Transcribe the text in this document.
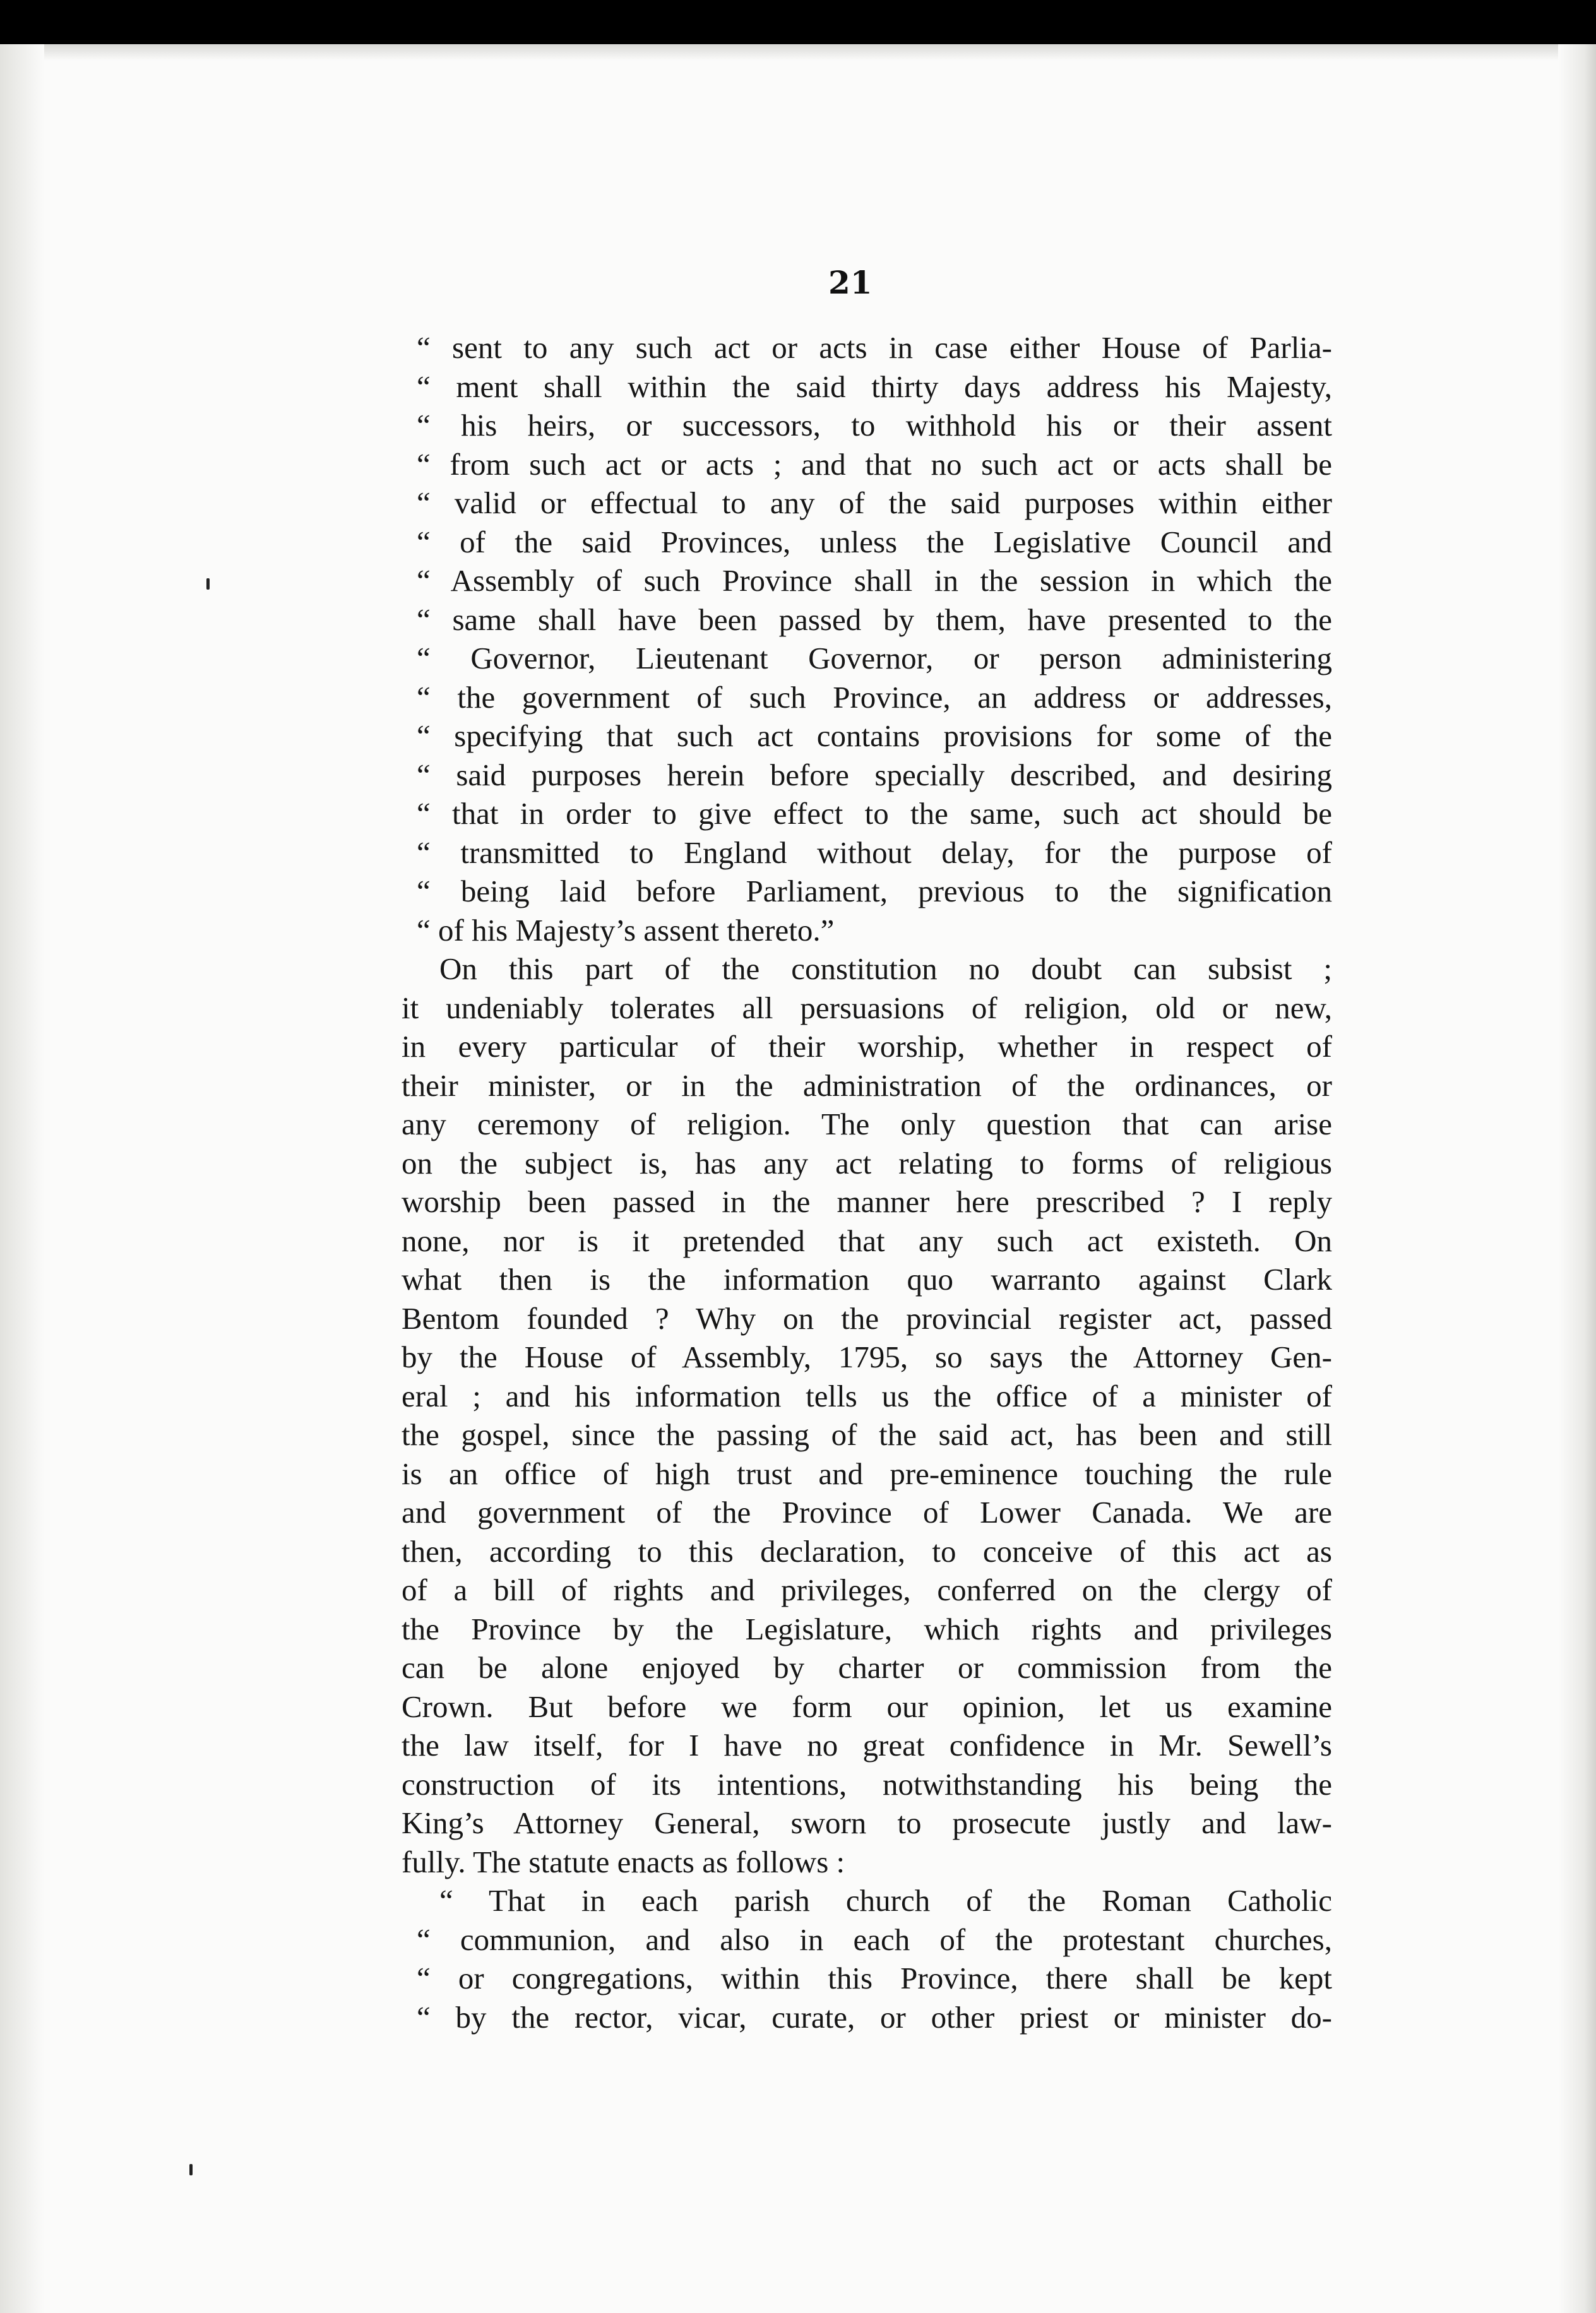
21
“ sent to any such act or acts in case either House of Parlia-
“ ment shall within the said thirty days address his Majesty,
“ his heirs, or successors, to withhold his or their assent
“ from such act or acts ; and that no such act or acts shall be
“ valid or effectual to any of the said purposes within either
“ of the said Provinces, unless the Legislative Council and
“ Assembly of such Province shall in the session in which the
“ same shall have been passed by them, have presented to the
“ Governor, Lieutenant Governor, or person administering
“ the government of such Province, an address or addresses,
“ specifying that such act contains provisions for some of the
“ said purposes herein before specially described, and desiring
“ that in order to give effect to the same, such act should be
“ transmitted to England without delay, for the purpose of
“ being laid before Parliament, previous to the signification
“ of his Majesty’s assent thereto.”
On this part of the constitution no doubt can subsist ;
it undeniably tolerates all persuasions of religion, old or new,
in every particular of their worship, whether in respect of
their minister, or in the administration of the ordinances, or
any ceremony of religion. The only question that can arise
on the subject is, has any act relating to forms of religious
worship been passed in the manner here prescribed ? I reply
none, nor is it pretended that any such act existeth. On
what then is the information quo warranto against Clark
Bentom founded ? Why on the provincial register act, passed
by the House of Assembly, 1795, so says the Attorney Gen-
eral ; and his information tells us the office of a minister of
the gospel, since the passing of the said act, has been and still
is an office of high trust and pre-eminence touching the rule
and government of the Province of Lower Canada. We are
then, according to this declaration, to conceive of this act as
of a bill of rights and privileges, conferred on the clergy of
the Province by the Legislature, which rights and privileges
can be alone enjoyed by charter or commission from the
Crown. But before we form our opinion, let us examine
the law itself, for I have no great confidence in Mr. Sewell’s
construction of its intentions, notwithstanding his being the
King’s Attorney General, sworn to prosecute justly and law-
fully. The statute enacts as follows :
“ That in each parish church of the Roman Catholic
“ communion, and also in each of the protestant churches,
“ or congregations, within this Province, there shall be kept
“ by the rector, vicar, curate, or other priest or minister do-
